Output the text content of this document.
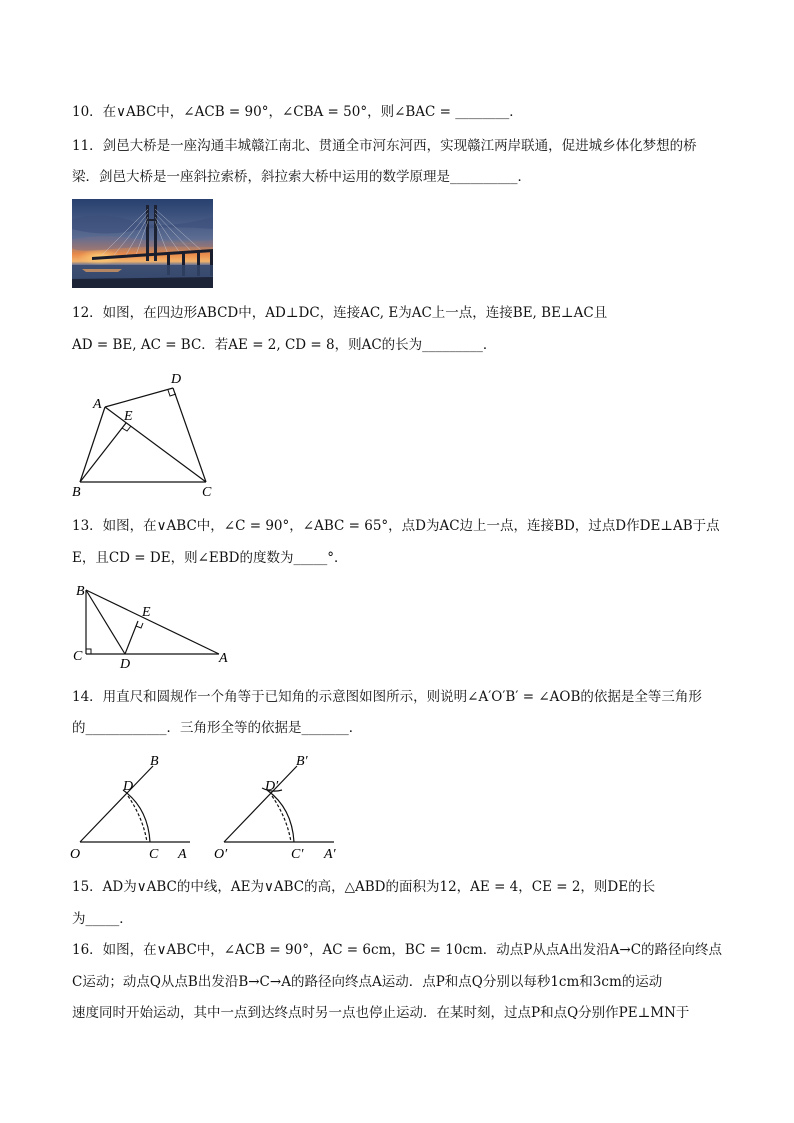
10．在∨ABC中，∠ACB = 90°，∠CBA = 50°，则∠BAC = ________．
11．剑邑大桥是一座沟通丰城赣江南北、贯通全市河东河西，实现赣江两岸联通，促进城乡体化梦想的桥
梁．剑邑大桥是一座斜拉索桥，斜拉索大桥中运用的数学原理是__________．
12．如图，在四边形ABCD中，AD⊥DC，连接AC, E为AC上一点，连接BE, BE⊥AC且
AD = BE, AC = BC．若AE = 2, CD = 8，则AC的长为_________．
A
D
E
B	C
13．如图，在∨ABC中，∠C = 90°，∠ABC = 65°，点D为AC边上一点，连接BD，过点D作DE⊥AB于点
E，且CD = DE，则∠EBD的度数为_____°．
B
E
C
D	A
14．用直尺和圆规作一个角等于已知角的示意图如图所示，则说明∠A′O′B′ = ∠AOB的依据是全等三角形
的____________．三角形全等的依据是_______．
B
D
O	C A
B′
D′
O′	C′ A′
15．AD为∨ABC的中线，AE为∨ABC的高，△ABD的面积为12，AE = 4，CE = 2，则DE的长
为_____．
16．如图，在∨ABC中，∠ACB = 90°，AC = 6cm，BC = 10cm．动点P从点A出发沿A→C的路径向终点
C运动；动点Q从点B出发沿B→C→A的路径向终点A运动．点P和点Q分别以每秒1cm和3cm的运动
速度同时开始运动，其中一点到达终点时另一点也停止运动．在某时刻，过点P和点Q分别作PE⊥MN于
